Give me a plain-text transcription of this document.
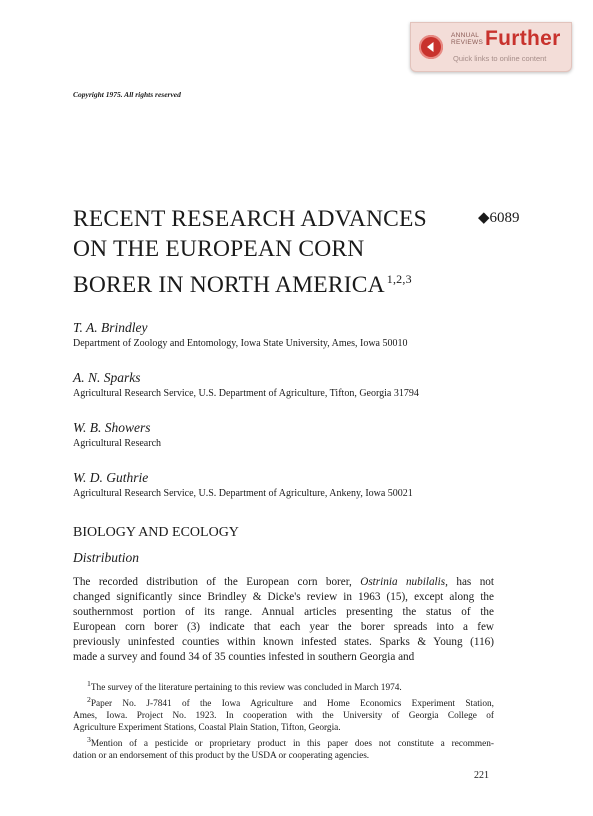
ANNUAL
REVIEWS Further
Quick links to online content
Copyright 1975. All rights reserved
RECENT RESEARCH ADVANCES
ON THE EUROPEAN CORN
BORER IN NORTH AMERICA $^{1,2,3}$
◆6089
T. A. Brindley
Department of Zoology and Entomology, Iowa State University, Ames, Iowa 50010
A. N. Sparks
Agricultural Research Service, U.S. Department of Agriculture, Tifton, Georgia 31794
W. B. Showers
Agricultural Research
W. D. Guthrie
Agricultural Research Service, U.S. Department of Agriculture, Ankeny, Iowa 50021
BIOLOGY AND ECOLOGY
Distribution
The recorded distribution of the European corn borer, Ostrinia nubilalis, has not
changed significantly since Brindley & Dicke's review in 1963 (15), except along the
southernmost portion of its range. Annual articles presenting the status of the
European corn borer (3) indicate that each year the borer spreads into a few
previously uninfested counties within known infested states. Sparks & Young (116)
made a survey and found 34 of 35 counties infested in southern Georgia and
$^1$The survey of the literature pertaining to this review was concluded in March 1974.
$^2$Paper No. J-7841 of the Iowa Agriculture and Home Economics Experiment Station,
Ames, Iowa. Project No. 1923. In cooperation with the University of Georgia College of
Agriculture Experiment Stations, Coastal Plain Station, Tifton, Georgia.
$^3$Mention of a pesticide or proprietary product in this paper does not constitute a recommen-
dation or an endorsement of this product by the USDA or cooperating agencies.
221
